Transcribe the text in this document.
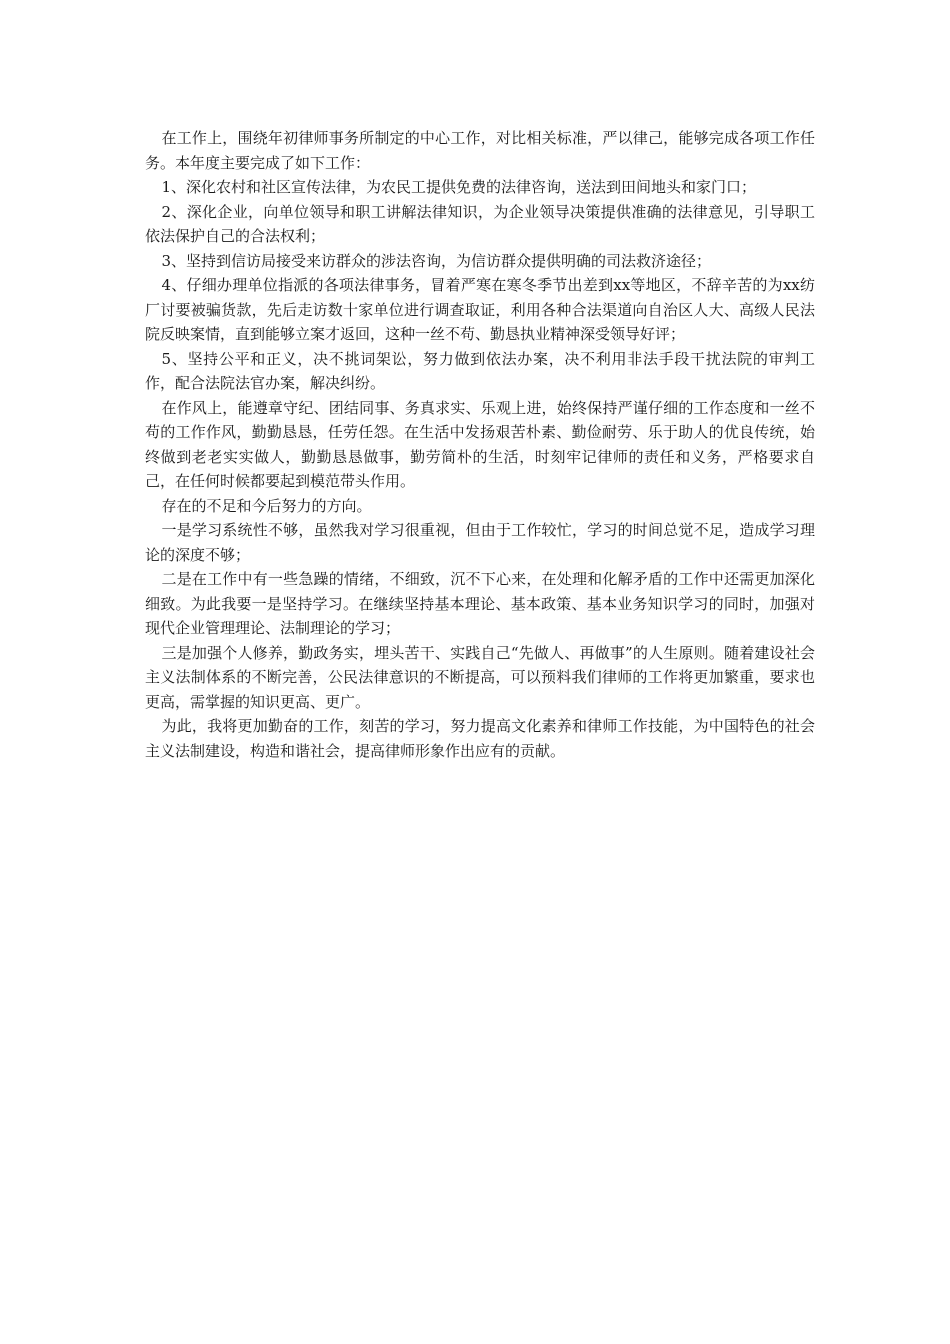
在工作上，围绕年初律师事务所制定的中心工作，对比相关标准，严以律己，能够完成各项工作任务。本年度主要完成了如下工作：

1、深化农村和社区宣传法律，为农民工提供免费的法律咨询，送法到田间地头和家门口；

2、深化企业，向单位领导和职工讲解法律知识，为企业领导决策提供准确的法律意见，引导职工依法保护自己的合法权利；

3、坚持到信访局接受来访群众的涉法咨询，为信访群众提供明确的司法救济途径；

4、仔细办理单位指派的各项法律事务，冒着严寒在寒冬季节出差到xx等地区，不辞辛苦的为xx纺厂讨要被骗货款，先后走访数十家单位进行调查取证，利用各种合法渠道向自治区人大、高级人民法院反映案情，直到能够立案才返回，这种一丝不苟、勤恳执业精神深受领导好评；

5、坚持公平和正义，决不挑词架讼，努力做到依法办案，决不利用非法手段干扰法院的审判工作，配合法院法官办案，解决纠纷。

在作风上，能遵章守纪、团结同事、务真求实、乐观上进，始终保持严谨仔细的工作态度和一丝不苟的工作作风，勤勤恳恳，任劳任怨。在生活中发扬艰苦朴素、勤俭耐劳、乐于助人的优良传统，始终做到老老实实做人，勤勤恳恳做事，勤劳简朴的生活，时刻牢记律师的责任和义务，严格要求自己，在任何时候都要起到模范带头作用。

存在的不足和今后努力的方向。

一是学习系统性不够，虽然我对学习很重视，但由于工作较忙，学习的时间总觉不足，造成学习理论的深度不够；

二是在工作中有一些急躁的情绪，不细致，沉不下心来，在处理和化解矛盾的工作中还需更加深化细致。为此我要一是坚持学习。在继续坚持基本理论、基本政策、基本业务知识学习的同时，加强对现代企业管理理论、法制理论的学习；

三是加强个人修养，勤政务实，埋头苦干、实践自己“先做人、再做事”的人生原则。随着建设社会主义法制体系的不断完善，公民法律意识的不断提高，可以预料我们律师的工作将更加繁重，要求也更高，需掌握的知识更高、更广。

为此，我将更加勤奋的工作，刻苦的学习，努力提高文化素养和律师工作技能，为中国特色的社会主义法制建设，构造和谐社会，提高律师形象作出应有的贡献。
